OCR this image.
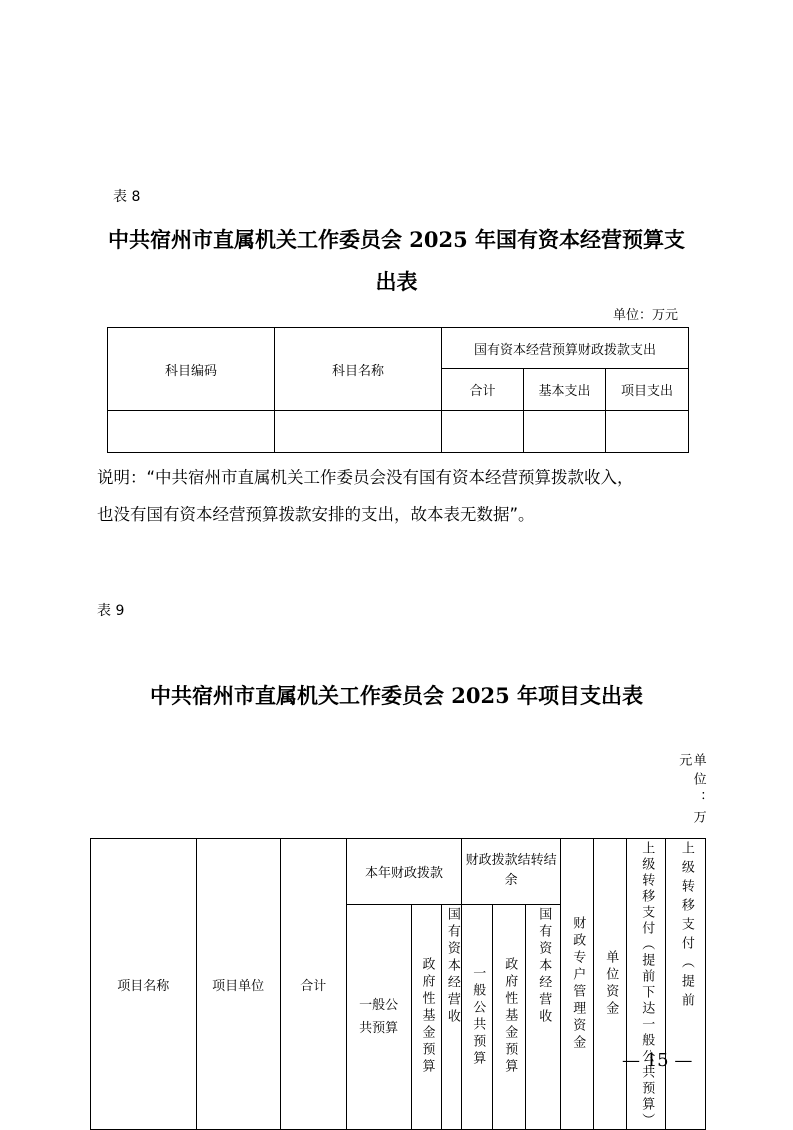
表 8
中共宿州市直属机关工作委员会 2025 年国有资本经营预算支
出表
单位：万元
科目编码	科目名称	国有资本经营预算财政拨款支出		
		合计	基本支出	项目支出

说明：“中共宿州市直属机关工作委员会没有国有资本经营预算拨款收入，
也没有国有资本经营预算拨款安排的支出，故本表无数据”。
表 9
中共宿州市直属机关工作委员会 2025 年项目支出表
单位：万元
项目名称	项目单位	合计	本年财政拨款			财政拨款结转结余			财政专户管理资金	单位资金	上级转移支付（提前下达一般公共预算）	上级转移支付（提前

			一般公共预算	政府性基金预算	国有资本经营收	一般公共预算	政府性基金预算	国有资本经营收				
— 15 —
